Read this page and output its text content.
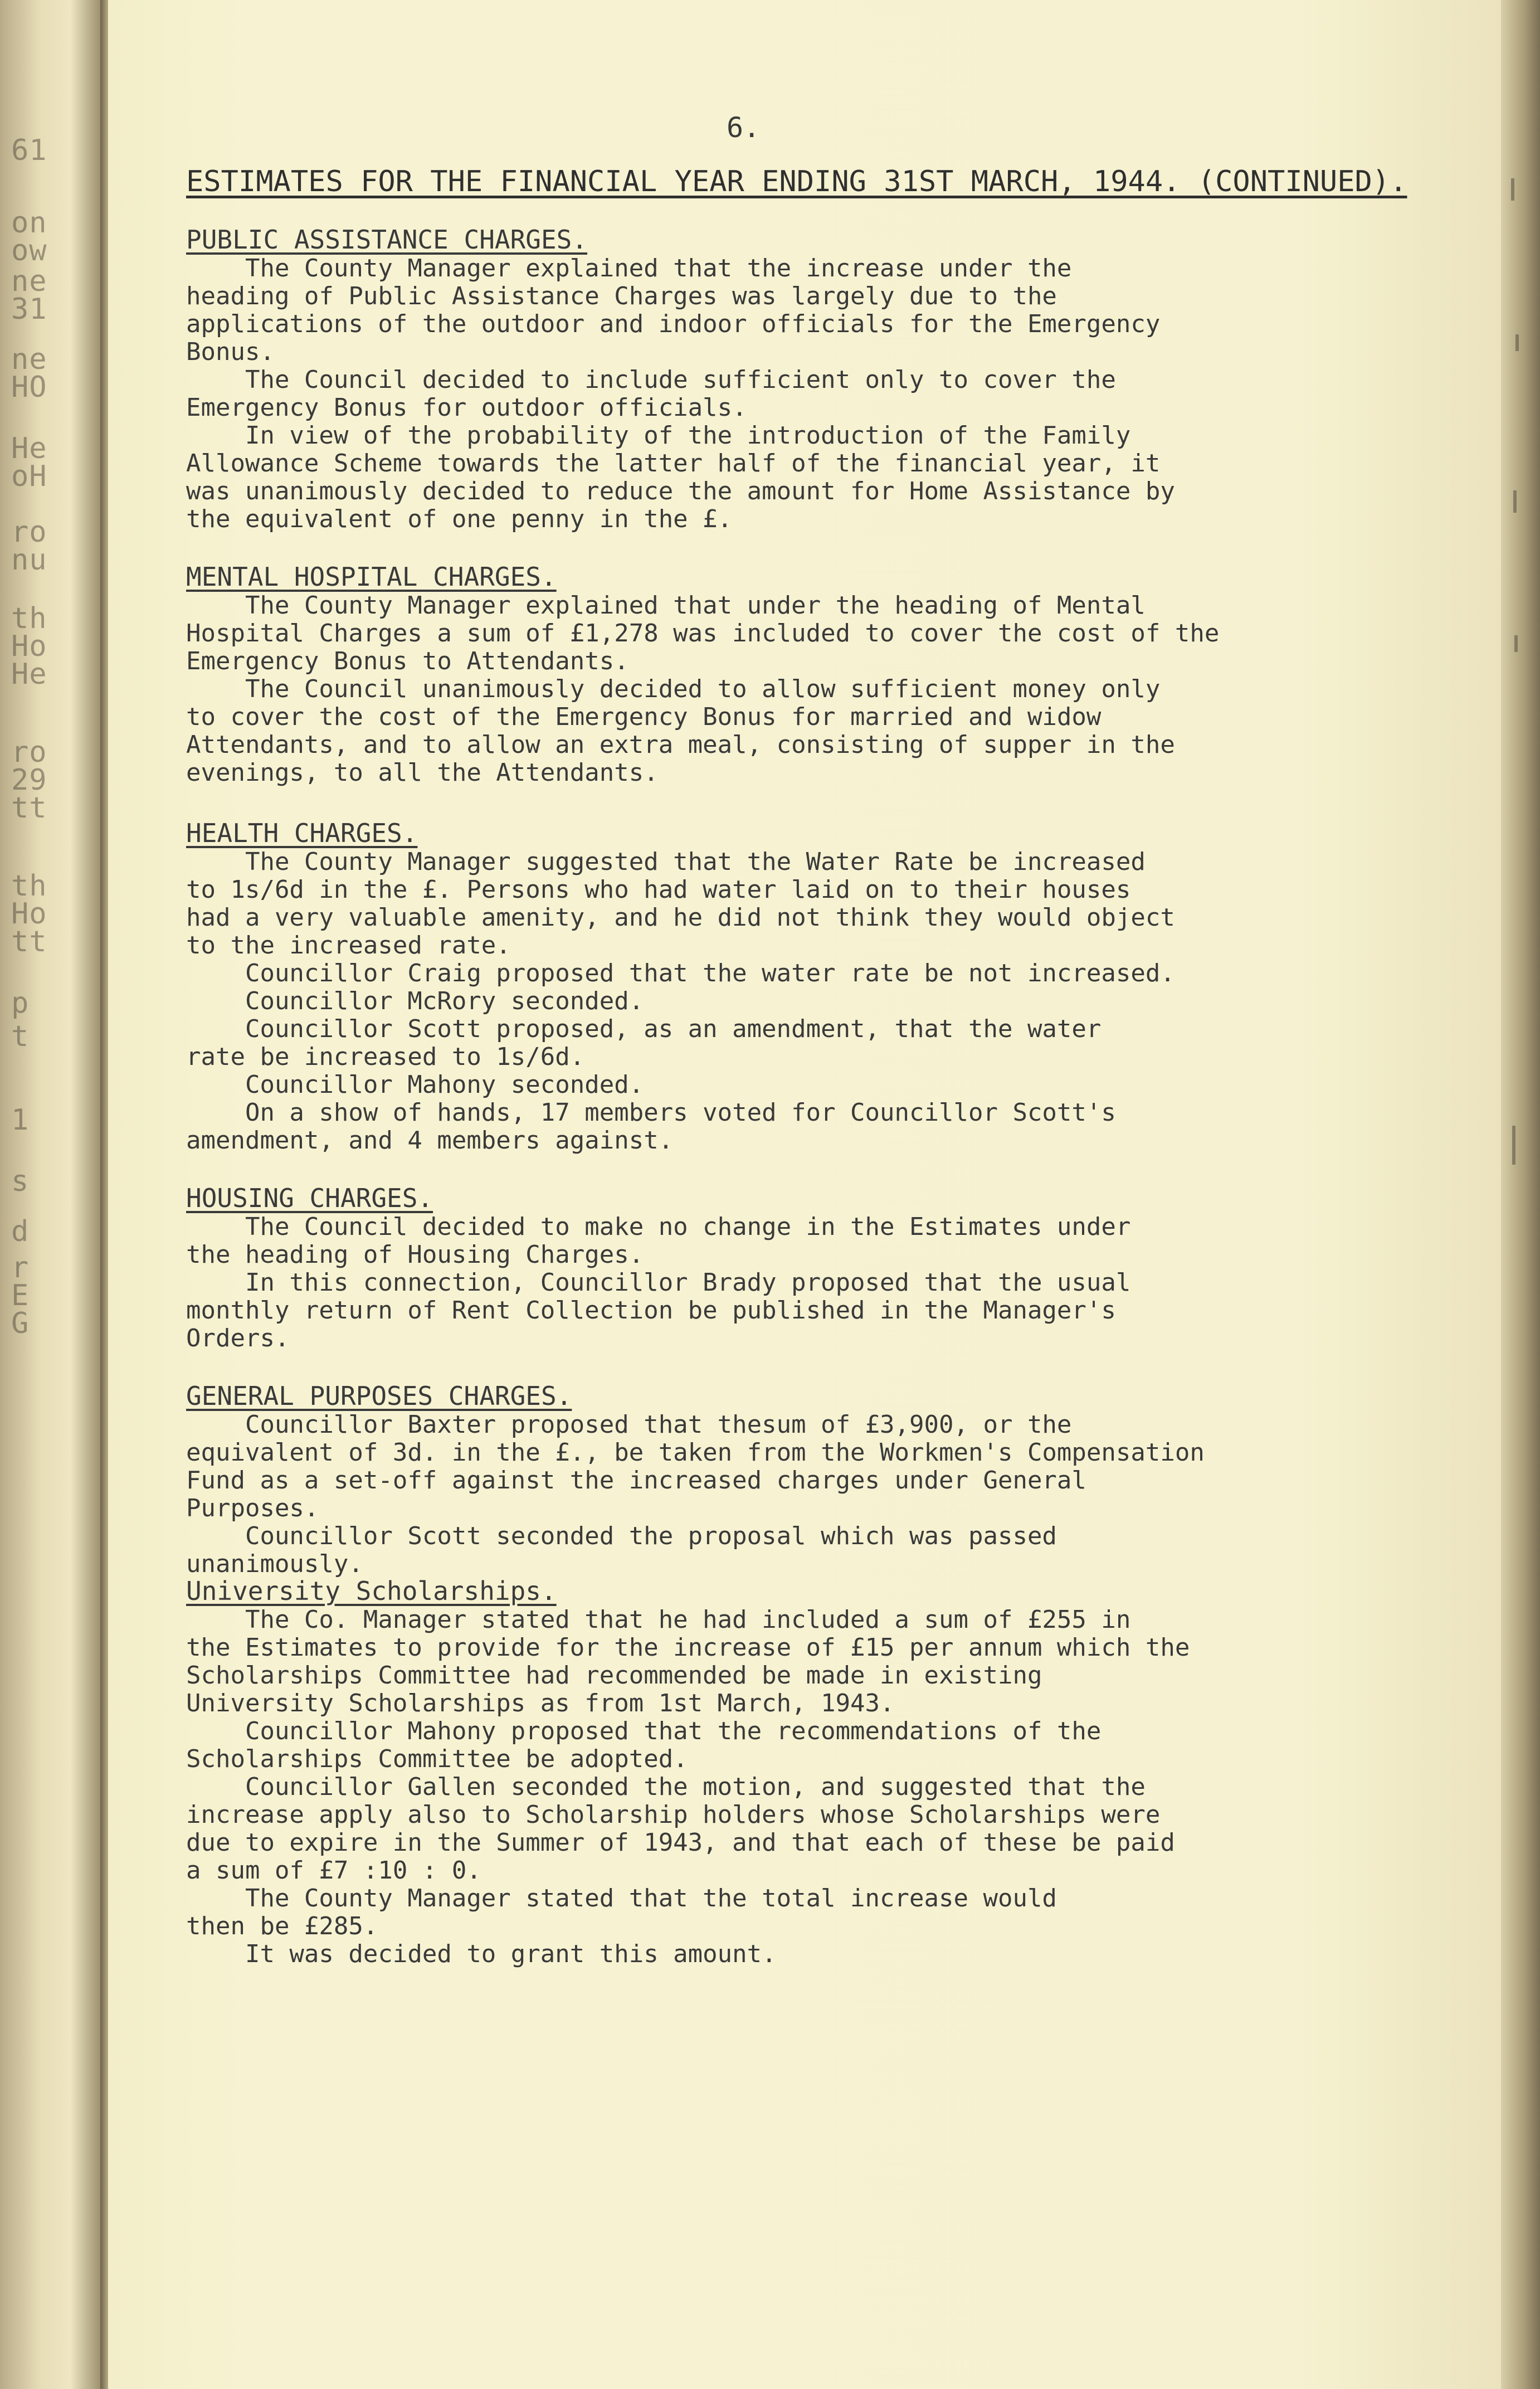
61
on
ow
ne
31
ne
HO
He
oH
ro
nu
th
Ho
He
ro
29
tt
th
Ho
tt
p
t
1
s
d
r
E
G
6.
ESTIMATES FOR THE FINANCIAL YEAR ENDING 31ST MARCH, 1944. (CONTINUED).
PUBLIC ASSISTANCE CHARGES.

The County Manager explained that the increase under the
heading of Public Assistance Charges was largely due to the
applications of the outdoor and indoor officials for the Emergency
Bonus.

The Council decided to include sufficient only to cover the
Emergency Bonus for outdoor officials.

In view of the probability of the introduction of the Family
Allowance Scheme towards the latter half of the financial year, it
was unanimously decided to reduce the amount for Home Assistance by
the equivalent of one penny in the £.

MENTAL HOSPITAL CHARGES.

The County Manager explained that under the heading of Mental
Hospital Charges a sum of £1,278 was included to cover the cost of the
Emergency Bonus to Attendants.

The Council unanimously decided to allow sufficient money only
to cover the cost of the Emergency Bonus for married and widow
Attendants, and to allow an extra meal, consisting of supper in the
evenings, to all the Attendants.

HEALTH CHARGES.

The County Manager suggested that the Water Rate be increased
to 1s/6d in the £. Persons who had water laid on to their houses
had a very valuable amenity, and he did not think they would object
to the increased rate.

Councillor Craig proposed that the water rate be not increased.

Councillor McRory seconded.

Councillor Scott proposed, as an amendment, that the water
rate be increased to 1s/6d.

Councillor Mahony seconded.

On a show of hands, 17 members voted for Councillor Scott's
amendment, and 4 members against.

HOUSING CHARGES.

The Council decided to make no change in the Estimates under
the heading of Housing Charges.

In this connection, Councillor Brady proposed that the usual
monthly return of Rent Collection be published in the Manager's
Orders.

GENERAL PURPOSES CHARGES.

Councillor Baxter proposed that thesum of £3,900, or the
equivalent of 3d. in the £., be taken from the Workmen's Compensation
Fund as a set-off against the increased charges under General
Purposes.

Councillor Scott seconded the proposal which was passed
unanimously.

University Scholarships.

The Co. Manager stated that he had included a sum of £255 in
the Estimates to provide for the increase of £15 per annum which the
Scholarships Committee had recommended be made in existing
University Scholarships as from 1st March, 1943.

Councillor Mahony proposed that the recommendations of the
Scholarships Committee be adopted.

Councillor Gallen seconded the motion, and suggested that the
increase apply also to Scholarship holders whose Scholarships were
due to expire in the Summer of 1943, and that each of these be paid
a sum of £7 :10 : 0.

The County Manager stated that the total increase would
then be £285.

It was decided to grant this amount.
